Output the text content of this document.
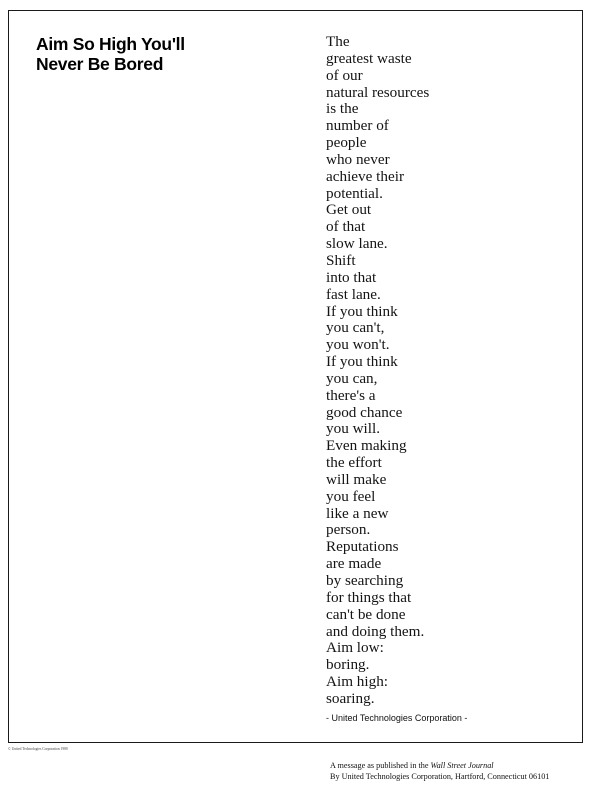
Aim So High You'll
Never Be Bored
The
greatest waste
of our
natural resources
is the
number of
people
who never
achieve their
potential.
Get out
of that
slow lane.
Shift
into that
fast lane.
If you think
you can't,
you won't.
If you think
you can,
there's a
good chance
you will.
Even making
the effort
will make
you feel
like a new
person.
Reputations
are made
by searching
for things that
can't be done
and doing them.
Aim low:
boring.
Aim high:
soaring.
- United Technologies Corporation -
© United Technologies Corporation 1980
A message as published in the Wall Street Journal
By United Technologies Corporation, Hartford, Connecticut 06101
